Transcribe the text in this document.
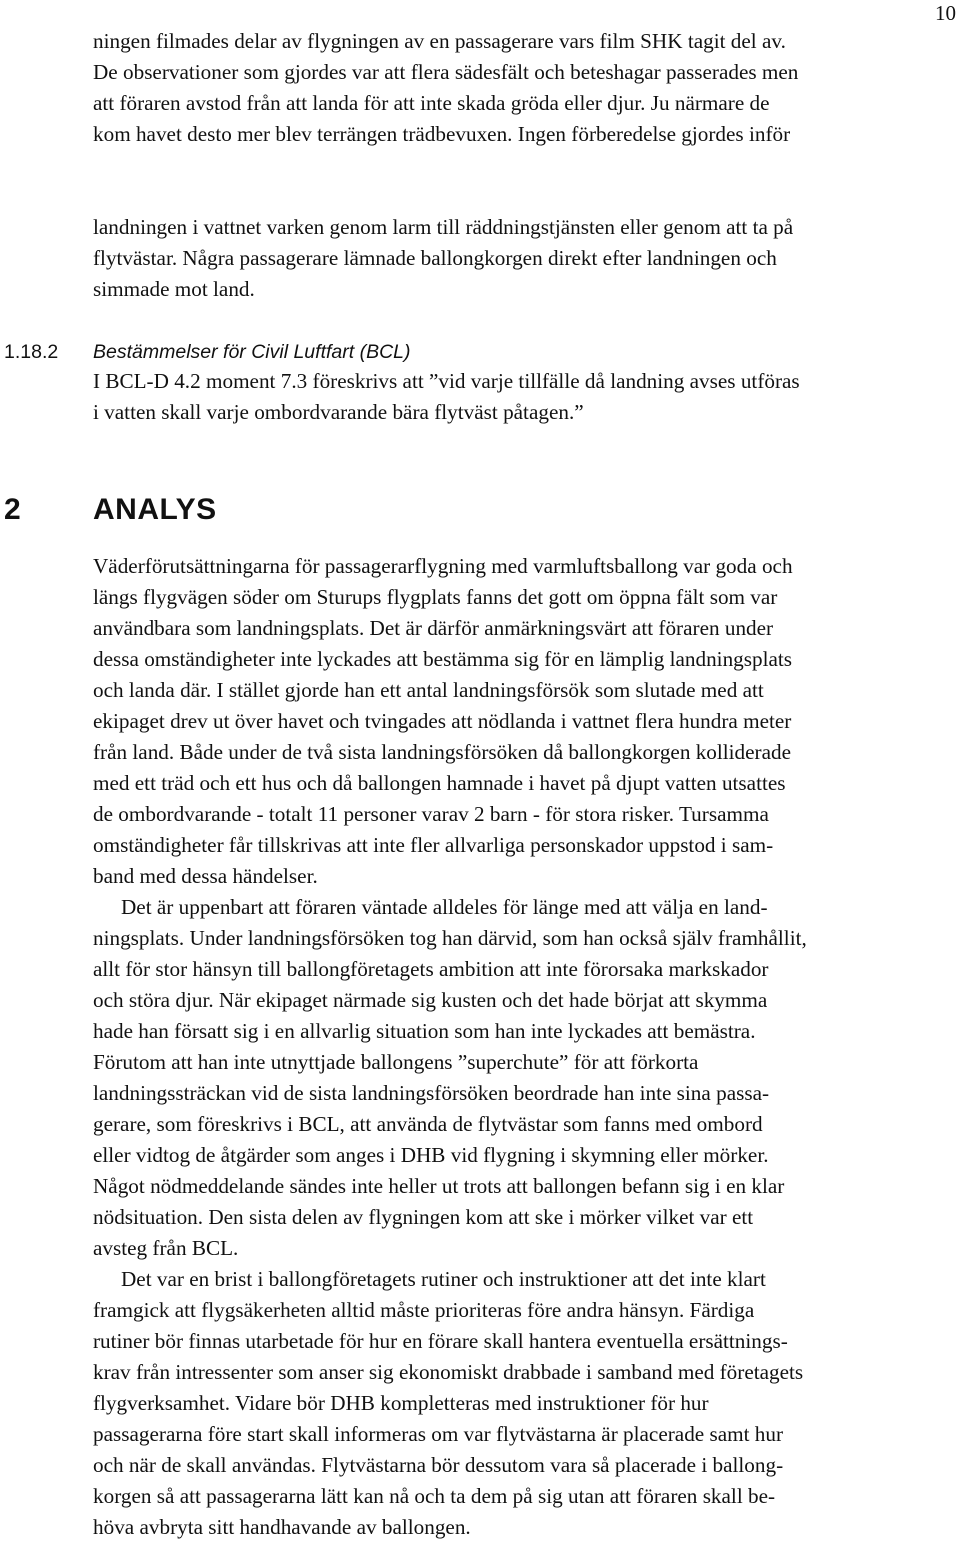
10
ningen filmades delar av flygningen av en passagerare vars film SHK tagit del av.
De observationer som gjordes var att flera sädesfält och beteshagar passerades men
att föraren avstod från att landa för att inte skada gröda eller djur. Ju närmare de
kom havet desto mer blev terrängen trädbevuxen. Ingen förberedelse gjordes inför
landningen i vattnet varken genom larm till räddningstjänsten eller genom att ta på
flytvästar. Några passagerare lämnade ballongkorgen direkt efter landningen och
simmade mot land.
1.18.2 Bestämmelser för Civil Luftfart (BCL)
I BCL-D 4.2 moment 7.3 föreskrivs att ”vid varje tillfälle då landning avses utföras
i vatten skall varje ombordvarande bära flytväst påtagen.”
2 ANALYS
Väderförutsättningarna för passagerarflygning med varmluftsballong var goda och
längs flygvägen söder om Sturups flygplats fanns det gott om öppna fält som var
användbara som landningsplats. Det är därför anmärkningsvärt att föraren under
dessa omständigheter inte lyckades att bestämma sig för en lämplig landningsplats
och landa där. I stället gjorde han ett antal landningsförsök som slutade med att
ekipaget drev ut över havet och tvingades att nödlanda i vattnet flera hundra meter
från land. Både under de två sista landningsförsöken då ballongkorgen kolliderade
med ett träd och ett hus och då ballongen hamnade i havet på djupt vatten utsattes
de ombordvarande - totalt 11 personer varav 2 barn - för stora risker. Tursamma
omständigheter får tillskrivas att inte fler allvarliga personskador uppstod i sam-
band med dessa händelser.
Det är uppenbart att föraren väntade alldeles för länge med att välja en land-
ningsplats. Under landningsförsöken tog han därvid, som han också själv framhållit,
allt för stor hänsyn till ballongföretagets ambition att inte förorsaka markskador
och störa djur. När ekipaget närmade sig kusten och det hade börjat att skymma
hade han försatt sig i en allvarlig situation som han inte lyckades att bemästra.
Förutom att han inte utnyttjade ballongens ”superchute” för att förkorta
landningssträckan vid de sista landningsförsöken beordrade han inte sina passa-
gerare, som föreskrivs i BCL, att använda de flytvästar som fanns med ombord
eller vidtog de åtgärder som anges i DHB vid flygning i skymning eller mörker.
Något nödmeddelande sändes inte heller ut trots att ballongen befann sig i en klar
nödsituation. Den sista delen av flygningen kom att ske i mörker vilket var ett
avsteg från BCL.
Det var en brist i ballongföretagets rutiner och instruktioner att det inte klart
framgick att flygsäkerheten alltid måste prioriteras före andra hänsyn. Färdiga
rutiner bör finnas utarbetade för hur en förare skall hantera eventuella ersättnings-
krav från intressenter som anser sig ekonomiskt drabbade i samband med företagets
flygverksamhet. Vidare bör DHB kompletteras med instruktioner för hur
passagerarna före start skall informeras om var flytvästarna är placerade samt hur
och när de skall användas. Flytvästarna bör dessutom vara så placerade i ballong-
korgen så att passagerarna lätt kan nå och ta dem på sig utan att föraren skall be-
höva avbryta sitt handhavande av ballongen.
